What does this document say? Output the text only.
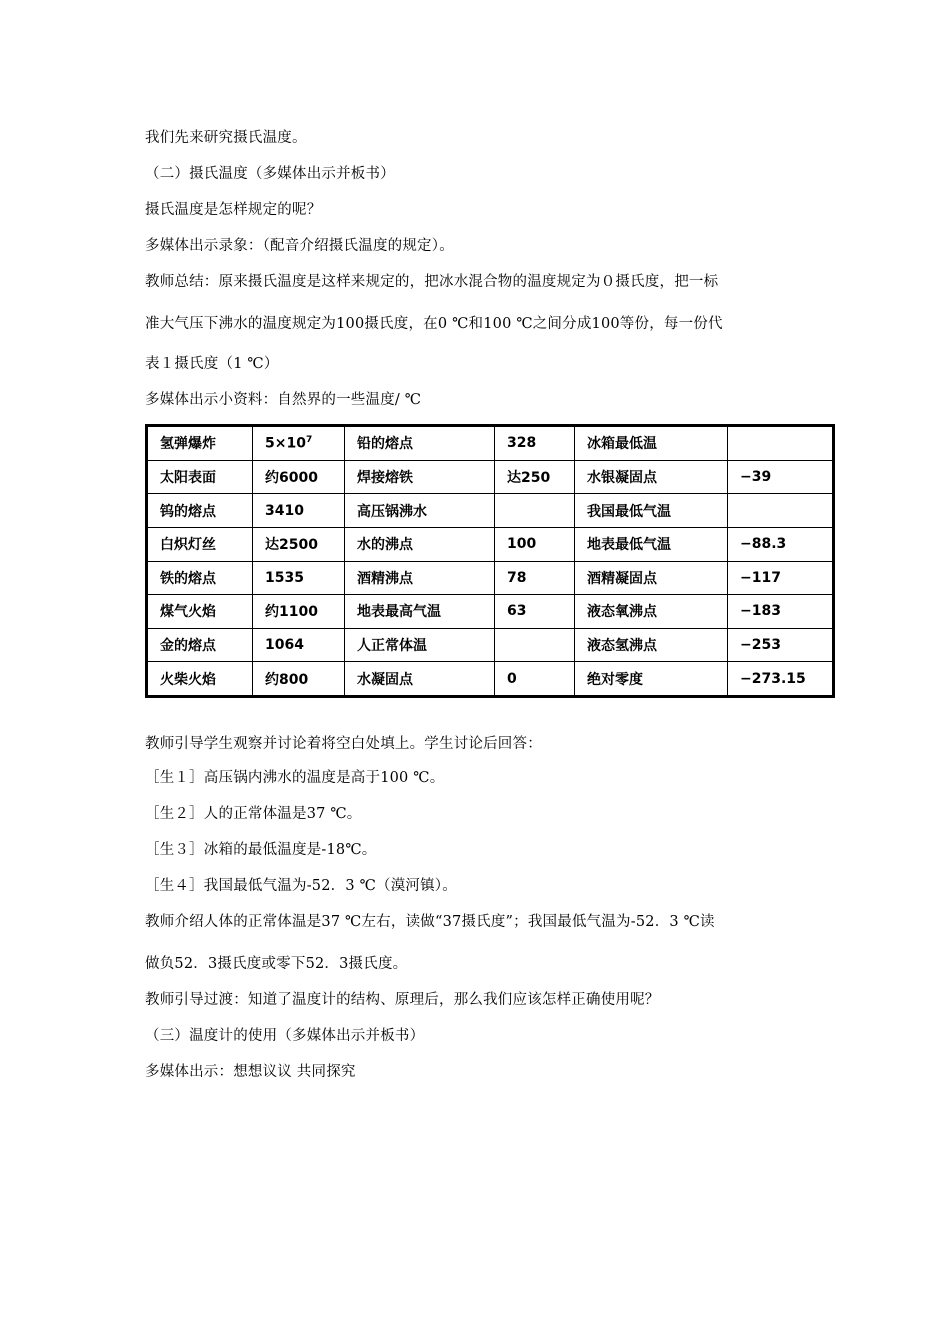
我们先来研究摄氏温度。
（二）摄氏温度（多媒体出示并板书）
摄氏温度是怎样规定的呢？
多媒体出示录象：（配音介绍摄氏温度的规定）。
教师总结：原来摄氏温度是这样来规定的，把冰水混合物的温度规定为０摄氏度，把一标
准大气压下沸水的温度规定为100摄氏度，在0 ℃和100 ℃之间分成100等份，每一份代
表１摄氏度（1 ℃）
多媒体出示小资料：自然界的一些温度/ ℃
氢弹爆炸	$5\times 10^7$	铅的熔点	328	冰箱最低温	
太阳表面	约6000	焊接熔铁	达250	水银凝固点	−39
钨的熔点	3410	高压锅沸水		我国最低气温	
白炽灯丝	达2500	水的沸点	100	地表最低气温	−88.3
铁的熔点	1535	酒精沸点	78	酒精凝固点	−117
煤气火焰	约1100	地表最高气温	63	液态氧沸点	−183
金的熔点	1064	人正常体温		液态氢沸点	−253
火柴火焰	约800	水凝固点	0	绝对零度	−273.15
教师引导学生观察并讨论着将空白处填上。学生讨论后回答：
［生１］高压锅内沸水的温度是高于100 ℃。
［生２］人的正常体温是37 ℃。
［生３］冰箱的最低温度是-18℃。
［生４］我国最低气温为-52．3 ℃（漠河镇）。
教师介绍人体的正常体温是37 ℃左右，读做“37摄氏度”；我国最低气温为-52．3 ℃读
做负52．3摄氏度或零下52．3摄氏度。
教师引导过渡：知道了温度计的结构、原理后，那么我们应该怎样正确使用呢？
（三）温度计的使用（多媒体出示并板书）
多媒体出示：想想议议 共同探究
